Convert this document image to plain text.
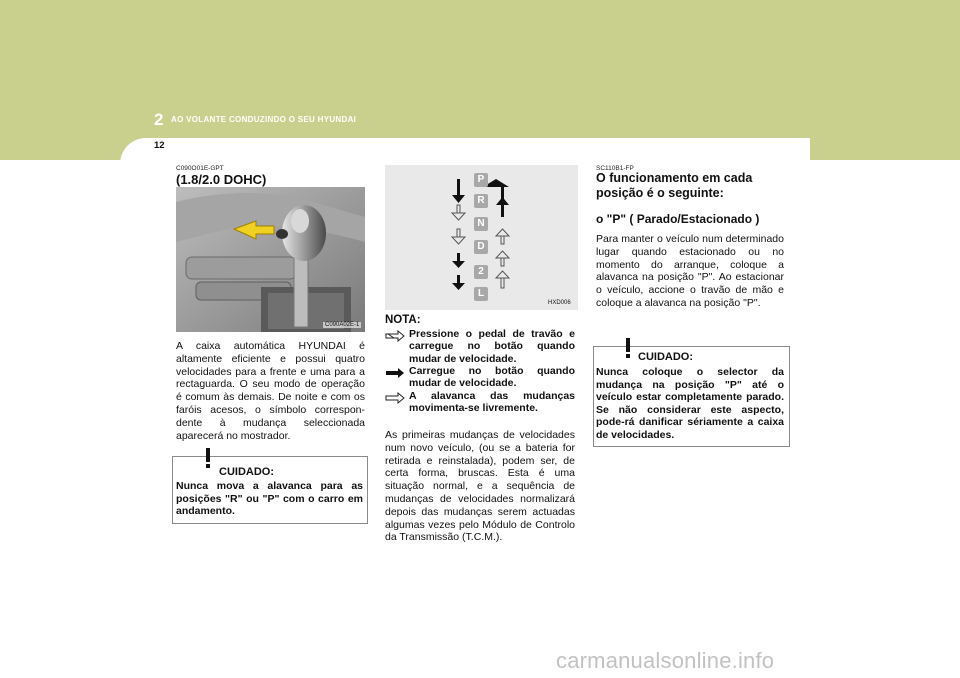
2 AO VOLANTE CONDUZINDO O SEU HYUNDAI
12
C090O01E-GPT
(1.8/2.0 DOHC)
C090A02E-1
A caixa automática HYUNDAI é altamente eficiente e possui quatro velocidades para a frente e uma para a rectaguarda. O seu modo de operação é comum às demais. De noite e com os faróis acesos, o símbolo correspon-dente à mudança seleccionada aparecerá no mostrador.
CUIDADO:
Nunca mova a alavanca para as posições "R" ou "P" com o carro em andamento.
P
R
N
D
2
L
HXD006
NOTA:
Pressione o pedal de travão e carregue no botão quando mudar de velocidade.
Carregue no botão quando mudar de velocidade.
A alavanca das mudanças movimenta-se livremente.
As primeiras mudanças de velocidades num novo veículo, (ou se a bateria for retirada e reinstalada), podem ser, de certa forma, bruscas. Esta é uma situação normal, e a sequência de mudanças de velocidades normalizará depois das mudanças serem actuadas algumas vezes pelo Módulo de Controlo da Transmissão (T.C.M.).
SC110B1-FP
O funcionamento em cada posição é o seguinte:
o "P" ( Parado/Estacionado )
Para manter o veículo num determinado lugar quando estacionado ou no momento do arranque, coloque a alavanca na posição "P". Ao estacionar o veículo, accione o travão de mão e coloque a alavanca na posição "P".
CUIDADO:
Nunca coloque o selector da mudança na posição "P" até o veículo estar completamente parado. Se não considerar este aspecto, pode-rá danificar sériamente a caixa de velocidades.
carmanualsonline.info
